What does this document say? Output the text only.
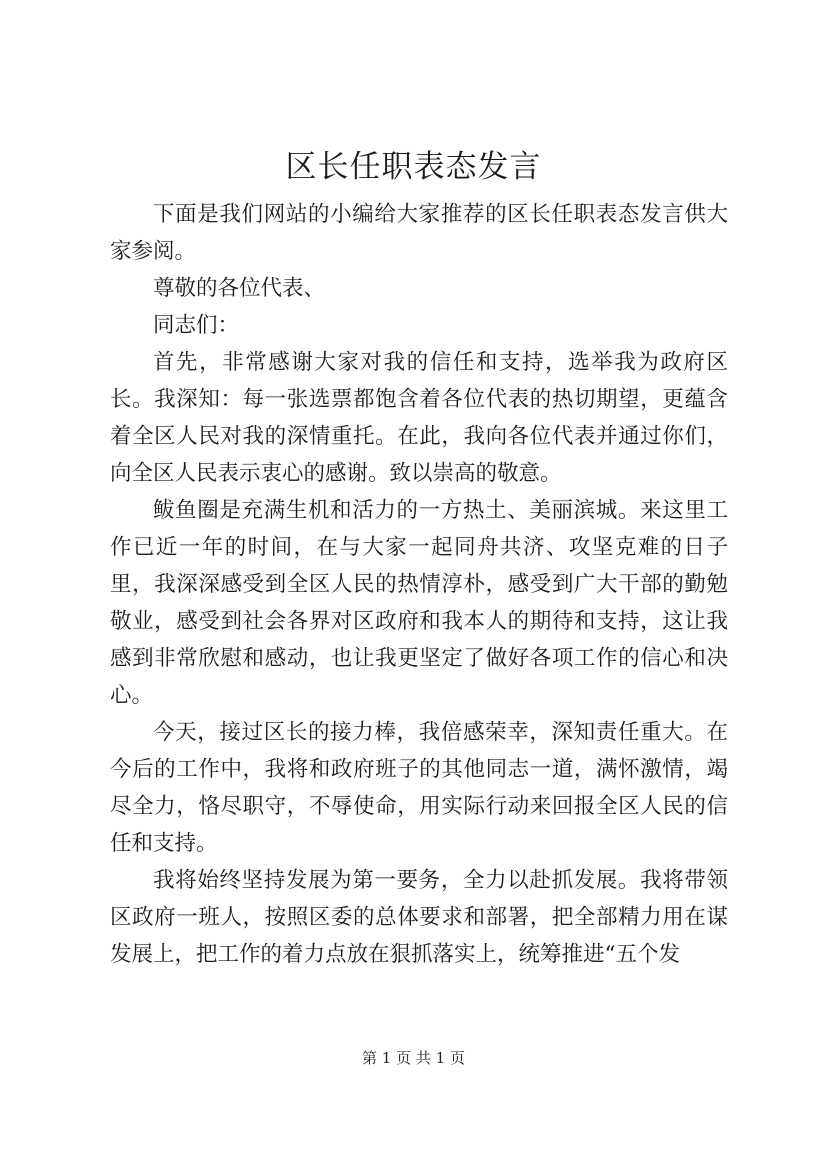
区长任职表态发言

下面是我们网站的小编给大家推荐的区长任职表态发言供大家参阅。

尊敬的各位代表、

同志们：

首先，非常感谢大家对我的信任和支持，选举我为政府区长。我深知：每一张选票都饱含着各位代表的热切期望，更蕴含着全区人民对我的深情重托。在此，我向各位代表并通过你们，向全区人民表示衷心的感谢。致以崇高的敬意。

鲅鱼圈是充满生机和活力的一方热土、美丽滨城。来这里工作已近一年的时间，在与大家一起同舟共济、攻坚克难的日子里，我深深感受到全区人民的热情淳朴，感受到广大干部的勤勉敬业，感受到社会各界对区政府和我本人的期待和支持，这让我感到非常欣慰和感动，也让我更坚定了做好各项工作的信心和决心。

今天，接过区长的接力棒，我倍感荣幸，深知责任重大。在今后的工作中，我将和政府班子的其他同志一道，满怀激情，竭尽全力，恪尽职守，不辱使命，用实际行动来回报全区人民的信任和支持。

我将始终坚持发展为第一要务，全力以赴抓发展。我将带领区政府一班人，按照区委的总体要求和部署，把全部精力用在谋发展上，把工作的着力点放在狠抓落实上，统筹推进“五个发

第 1 页 共 1 页
